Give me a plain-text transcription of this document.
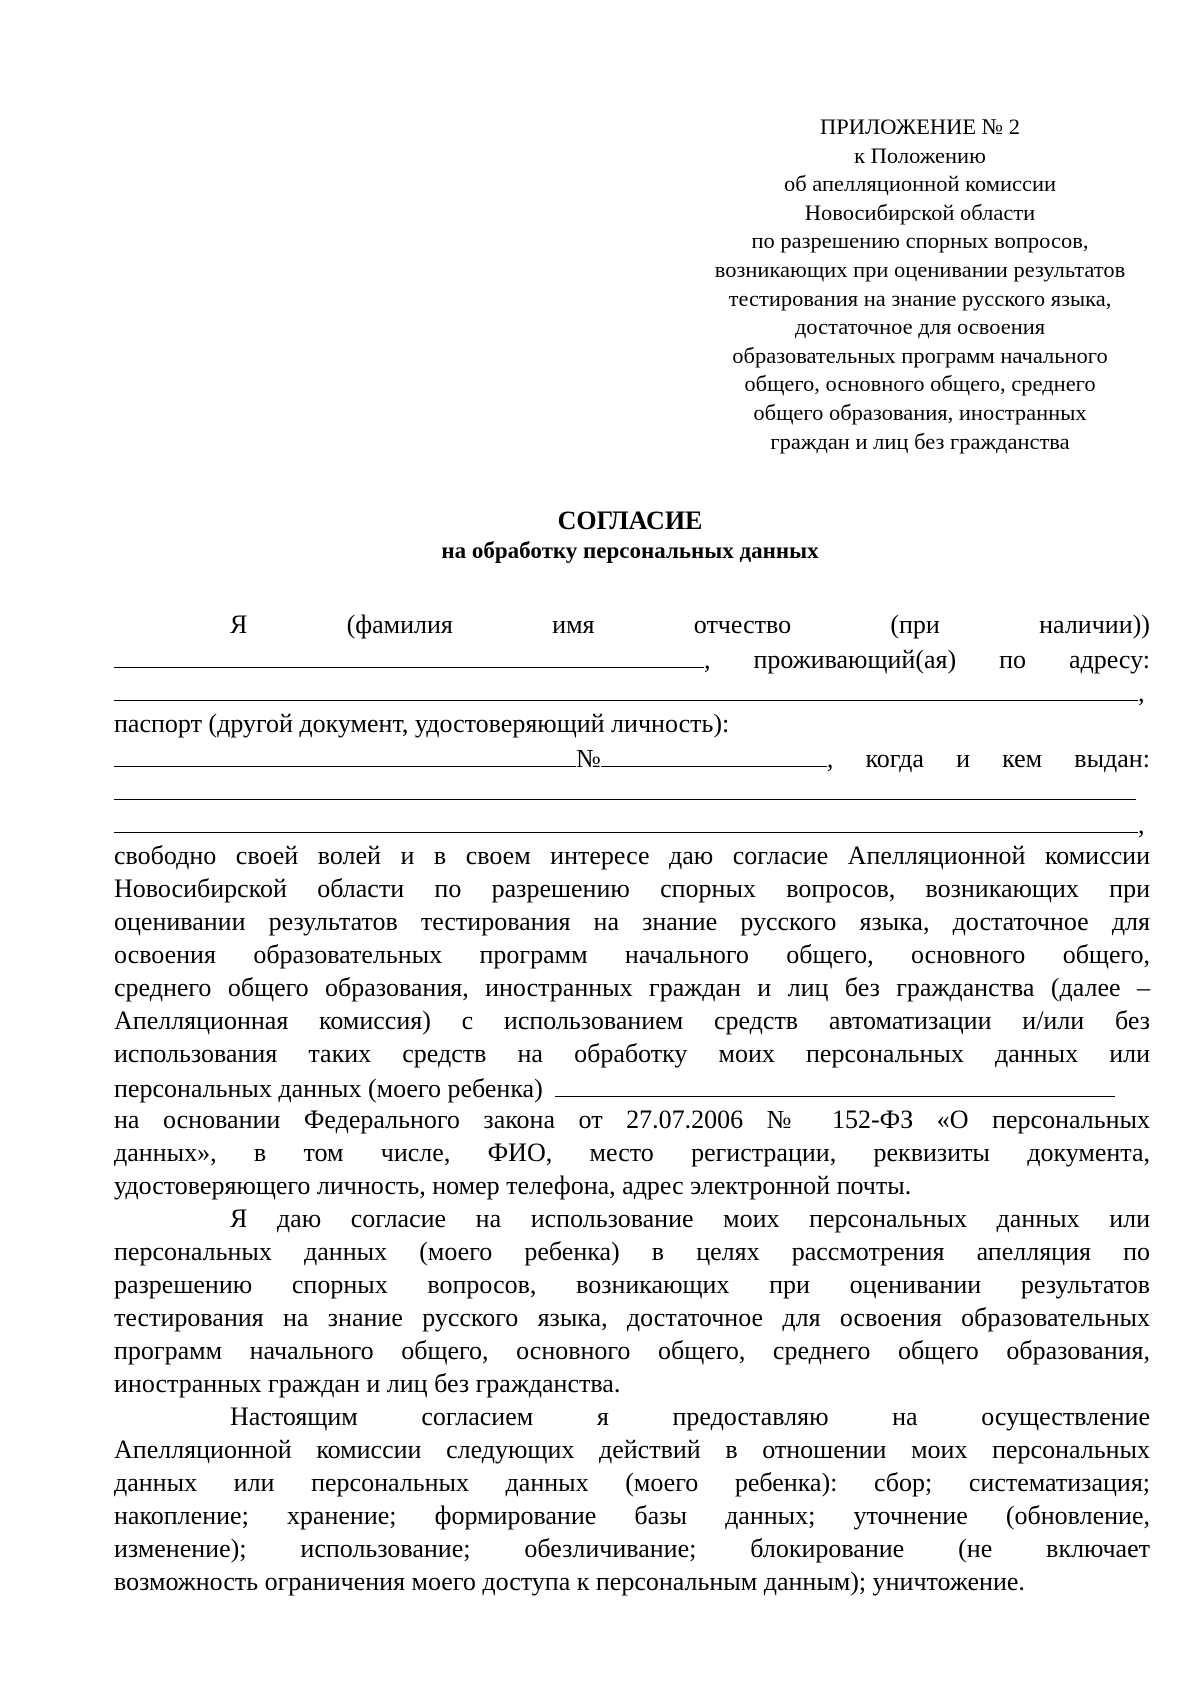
ПРИЛОЖЕНИЕ № 2
к Положению
об апелляционной комиссии
Новосибирской области
по разрешению спорных вопросов,
возникающих при оценивании результатов
тестирования на знание русского языка,
достаточное для освоения
образовательных программ начального
общего, основного общего, среднего
общего образования, иностранных
граждан и лиц без гражданства
СОГЛАСИЕ
на обработку персональных данных
Я	(фамилия	имя	отчество	(при	наличии))
, проживающий(ая) по адресу:
,
паспорт (другой документ, удостоверяющий личность):
№	, когда и кем выдан:
,
свободно своей волей и в своем интересе даю согласие Апелляционной комиссии
Новосибирской области по разрешению спорных вопросов, возникающих при
оценивании результатов тестирования на знание русского языка, достаточное для
освоения образовательных программ начального общего, основного общего,
среднего общего образования, иностранных граждан и лиц без гражданства (далее –
Апелляционная комиссия) с использованием средств автоматизации и/или без
использования таких средств на обработку моих персональных данных или
персональных данных (моего ребенка)
на основании Федерального закона от 27.07.2006 № 152-ФЗ «О персональных
данных», в том числе, ФИО, место регистрации, реквизиты документа,
удостоверяющего личность, номер телефона, адрес электронной почты.
Я даю согласие на использование моих персональных данных или
персональных данных (моего ребенка) в целях рассмотрения апелляция по
разрешению спорных вопросов, возникающих при оценивании результатов
тестирования на знание русского языка, достаточное для освоения образовательных
программ начального общего, основного общего, среднего общего образования,
иностранных граждан и лиц без гражданства.
Настоящим согласием я предоставляю на осуществление
Апелляционной комиссии следующих действий в отношении моих персональных
данных или персональных данных (моего ребенка): сбор; систематизация;
накопление; хранение; формирование базы данных; уточнение (обновление,
изменение); использование; обезличивание; блокирование (не включает
возможность ограничения моего доступа к персональным данным); уничтожение.
